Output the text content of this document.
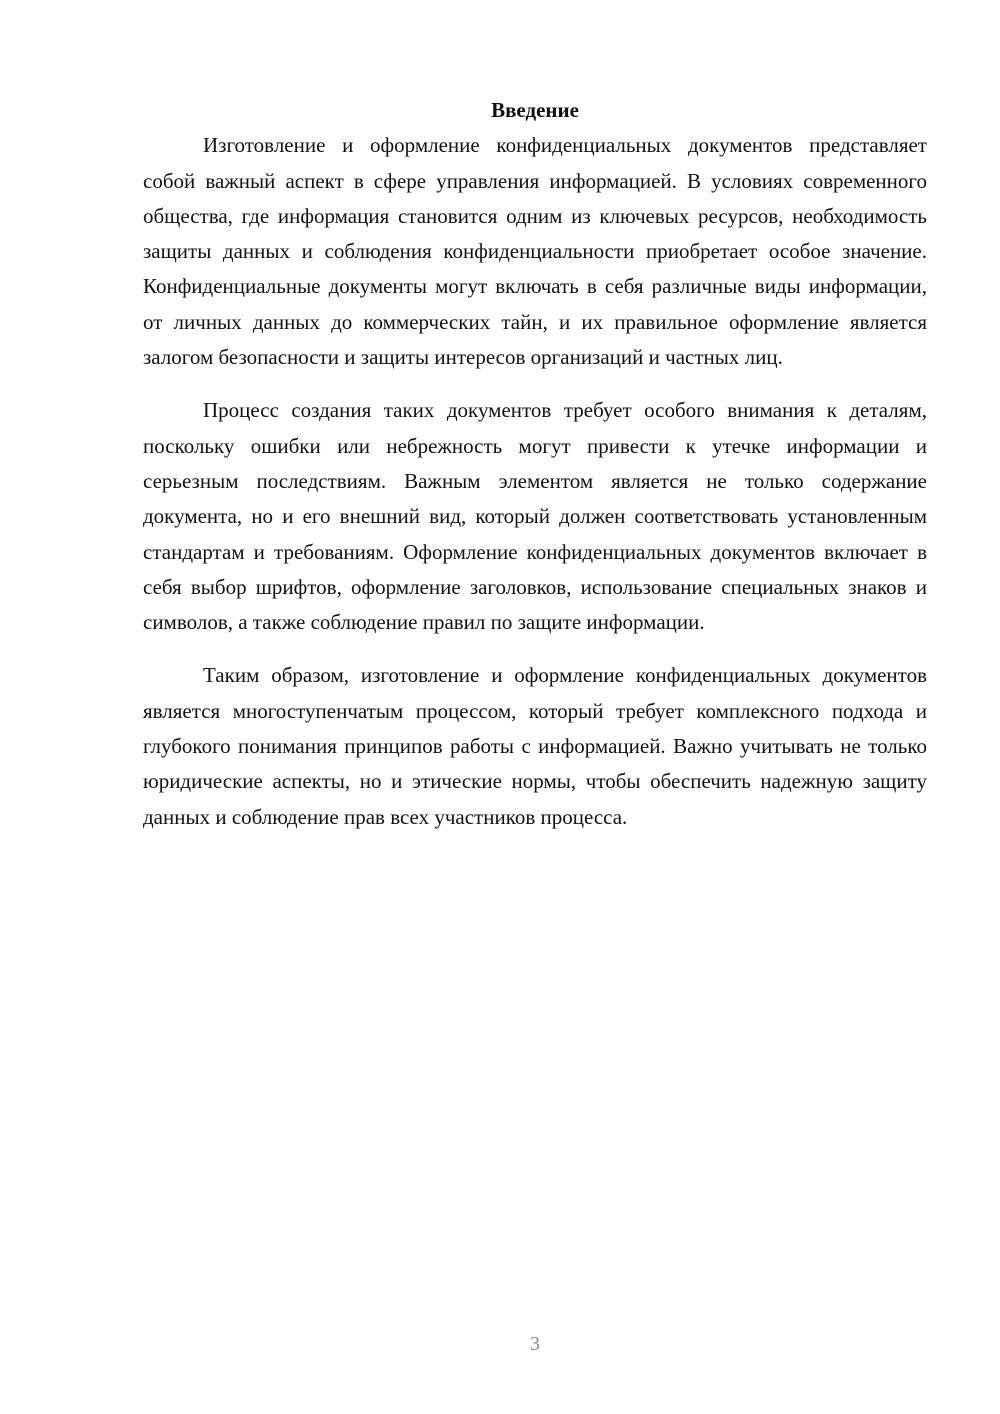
Введение

Изготовление и оформление конфиденциальных документов представляет собой важный аспект в сфере управления информацией. В условиях современного общества, где информация становится одним из ключевых ресурсов, необходимость защиты данных и соблюдения конфиденциальности приобретает особое значение. Конфиденциальные документы могут включать в себя различные виды информации, от личных данных до коммерческих тайн, и их правильное оформление является залогом безопасности и защиты интересов организаций и частных лиц.

Процесс создания таких документов требует особого внимания к деталям, поскольку ошибки или небрежность могут привести к утечке информации и серьезным последствиям. Важным элементом является не только содержание документа, но и его внешний вид, который должен соответствовать установленным стандартам и требованиям. Оформление конфиденциальных документов включает в себя выбор шрифтов, оформление заголовков, использование специальных знаков и символов, а также соблюдение правил по защите информации.

Таким образом, изготовление и оформление конфиденциальных документов является многоступенчатым процессом, который требует комплексного подхода и глубокого понимания принципов работы с информацией. Важно учитывать не только юридические аспекты, но и этические нормы, чтобы обеспечить надежную защиту данных и соблюдение прав всех участников процесса.

3
